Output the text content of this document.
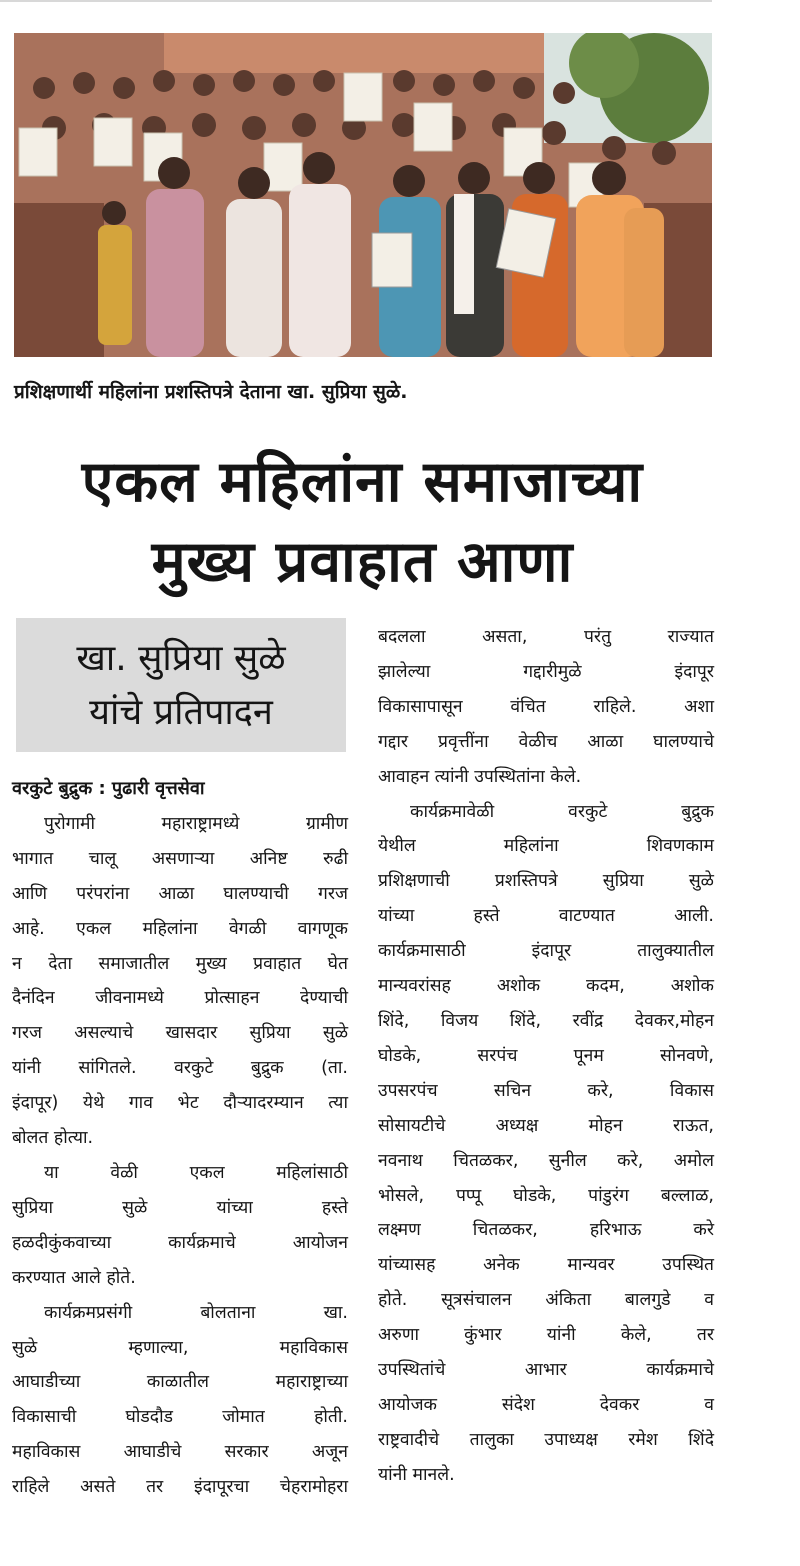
प्रशिक्षणार्थी महिलांना प्रशस्तिपत्रे देताना खा. सुप्रिया सुळे.
एकल महिलांना समाजाच्या
मुख्य प्रवाहात आणा
खा. सुप्रिया सुळे
यांचे प्रतिपादन
वरकुटे बुद्रुक : पुढारी वृत्तसेवा

पुरोगामी महाराष्ट्रामध्ये ग्रामीण

भागात चालू असणाऱ्या अनिष्ट रुढी

आणि परंपरांना आळा घालण्याची गरज

आहे. एकल महिलांना वेगळी वागणूक

न देता समाजातील मुख्य प्रवाहात घेत

दैनंदिन जीवनामध्ये प्रोत्साहन देण्याची

गरज असल्याचे खासदार सुप्रिया सुळे

यांनी सांगितले. वरकुटे बुद्रुक (ता.

इंदापूर) येथे गाव भेट दौऱ्यादरम्यान त्या

बोलत होत्या.

या वेळी एकल महिलांसाठी

सुप्रिया सुळे यांच्या हस्ते

हळदीकुंकवाच्या कार्यक्रमाचे आयोजन

करण्यात आले होते.

कार्यक्रमप्रसंगी बोलताना खा.

सुळे म्हणाल्या, महाविकास

आघाडीच्या काळातील महाराष्ट्राच्या

विकासाची घोडदौड जोमात होती.

महाविकास आघाडीचे सरकार अजून

राहिले असते तर इंदापूरचा चेहरामोहरा

बदलला असता, परंतु राज्यात

झालेल्या गद्दारीमुळे इंदापूर

विकासापासून वंचित राहिले. अशा

गद्दार प्रवृत्तींना वेळीच आळा घालण्याचे

आवाहन त्यांनी उपस्थितांना केले.

कार्यक्रमावेळी वरकुटे बुद्रुक

येथील महिलांना शिवणकाम

प्रशिक्षणाची प्रशस्तिपत्रे सुप्रिया सुळे

यांच्या हस्ते वाटण्यात आली.

कार्यक्रमासाठी इंदापूर तालुक्यातील

मान्यवरांसह अशोक कदम, अशोक

शिंदे, विजय शिंदे, रवींद्र देवकर,मोहन

घोडके, सरपंच पूनम सोनवणे,

उपसरपंच सचिन करे, विकास

सोसायटीचे अध्यक्ष मोहन राऊत,

नवनाथ चितळकर, सुनील करे, अमोल

भोसले, पप्पू घोडके, पांडुरंग बल्लाळ,

लक्ष्मण चितळकर, हरिभाऊ करे

यांच्यासह अनेक मान्यवर उपस्थित

होते. सूत्रसंचालन अंकिता बालगुडे व

अरुणा कुंभार यांनी केले, तर

उपस्थितांचे आभार कार्यक्रमाचे

आयोजक संदेश देवकर व

राष्ट्रवादीचे तालुका उपाध्यक्ष रमेश शिंदे

यांनी मानले.
